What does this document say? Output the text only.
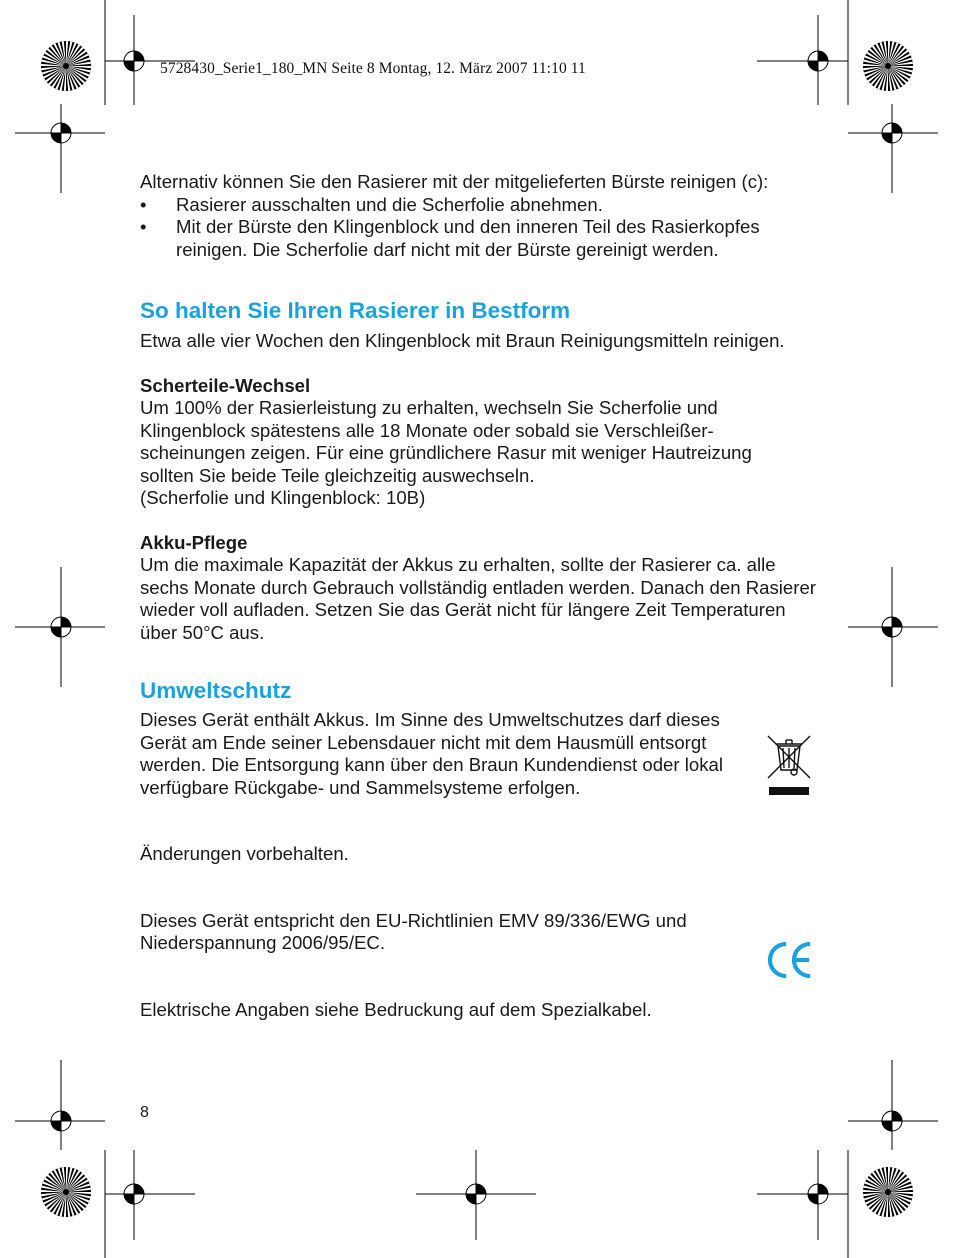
5728430_Serie1_180_MN Seite 8 Montag, 12. März 2007 11:10 11

Alternativ können Sie den Rasierer mit der mitgelieferten Bürste reinigen (c):

• Rasierer ausschalten und die Scherfolie abnehmen.
• Mit der Bürste den Klingenblock und den inneren Teil des Rasierkopfes reinigen. Die Scherfolie darf nicht mit der Bürste gereinigt werden.
So halten Sie Ihren Rasierer in Bestform

Etwa alle vier Wochen den Klingenblock mit Braun Reinigungsmitteln reinigen.

Scherteile-Wechsel

Um 100% der Rasierleistung zu erhalten, wechseln Sie Scherfolie und
Klingenblock spätestens alle 18 Monate oder sobald sie Verschleißer-
scheinungen zeigen. Für eine gründlichere Rasur mit weniger Hautreizung
sollten Sie beide Teile gleichzeitig auswechseln.
(Scherfolie und Klingenblock: 10B)

Akku-Pflege

Um die maximale Kapazität der Akkus zu erhalten, sollte der Rasierer ca. alle sechs Monate durch Gebrauch vollständig entladen werden. Danach den Rasierer wieder voll aufladen. Setzen Sie das Gerät nicht für längere Zeit Temperaturen über 50°C aus.

Umweltschutz

Dieses Gerät enthält Akkus. Im Sinne des Umweltschutzes darf dieses Gerät am Ende seiner Lebensdauer nicht mit dem Hausmüll entsorgt werden. Die Entsorgung kann über den Braun Kundendienst oder lokal verfügbare Rückgabe- und Sammelsysteme erfolgen.

Änderungen vorbehalten.

Dieses Gerät entspricht den EU-Richtlinien EMV 89/336/EWG und Niederspannung 2006/95/EC.

Elektrische Angaben siehe Bedruckung auf dem Spezialkabel.

8
